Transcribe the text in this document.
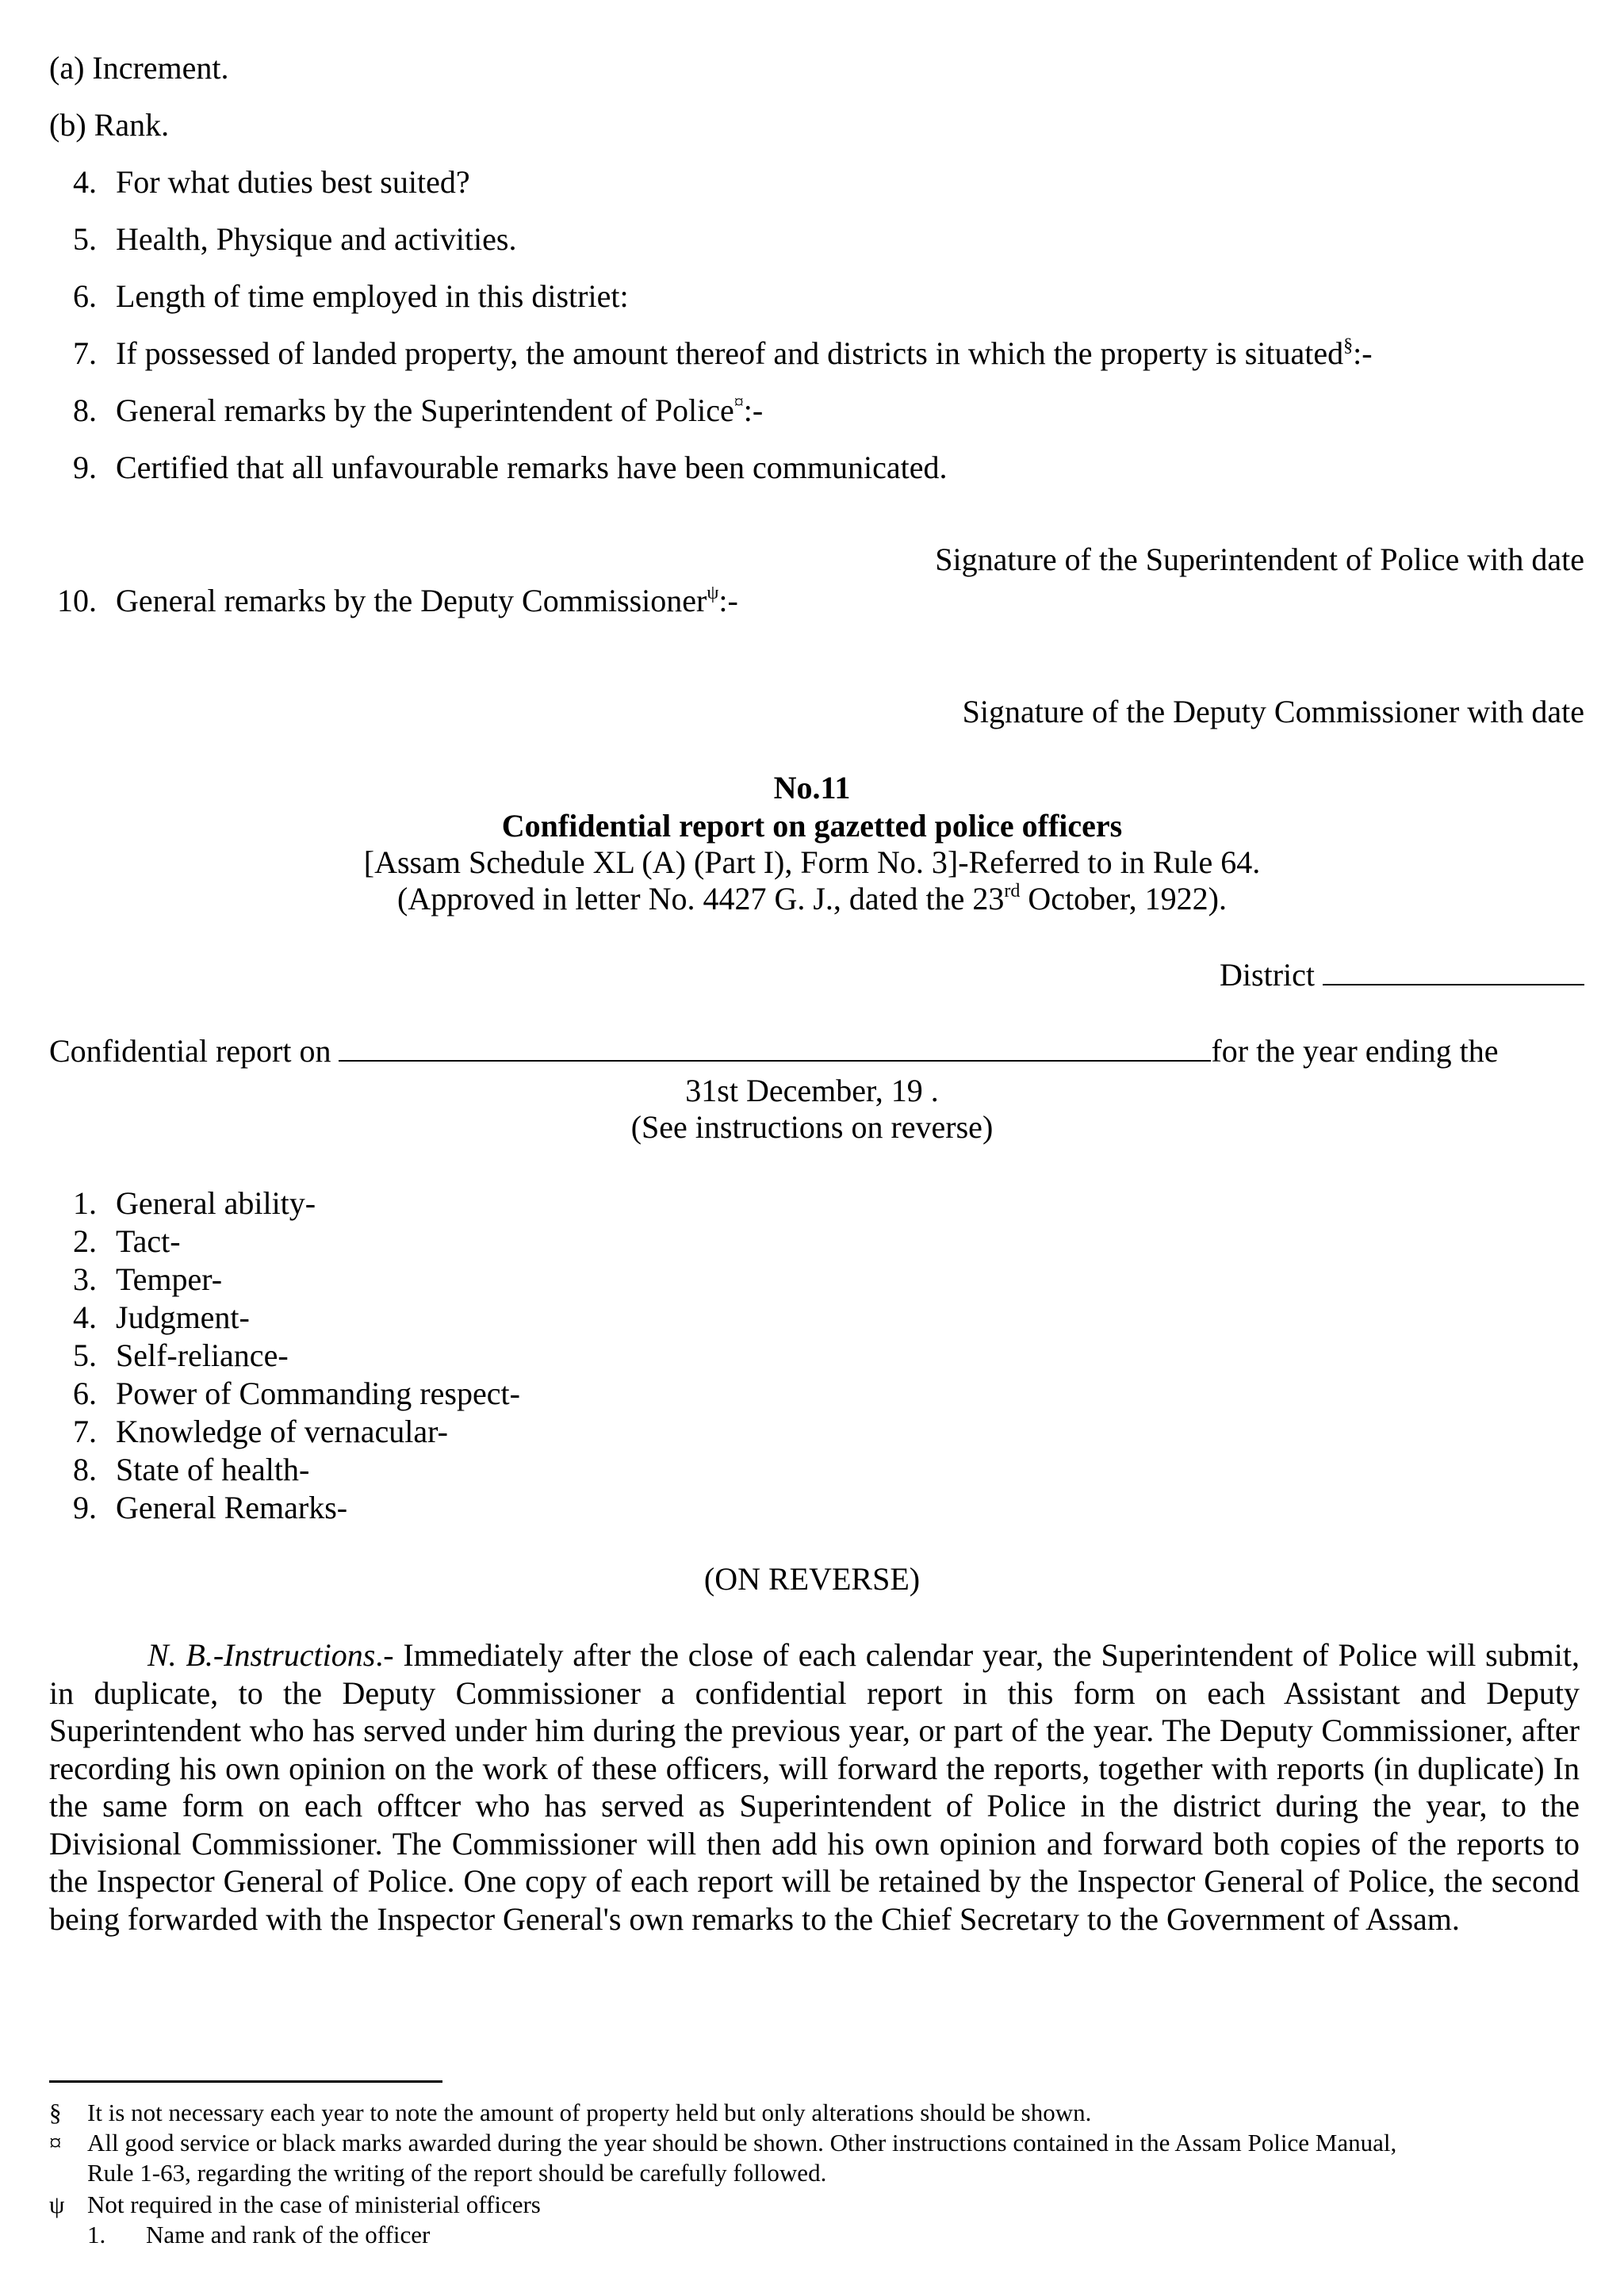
(a) Increment.
(b) Rank.
4. For what duties best suited?
5. Health, Physique and activities.
6. Length of time employed in this distriet:
7. If possessed of landed property, the amount thereof and districts in which the property is situated§:-
8. General remarks by the Superintendent of Police¤:-
9. Certified that all unfavourable remarks have been communicated.
Signature of the Superintendent of Police with date
10. General remarks by the Deputy Commissioner$^\psi$:-
Signature of the Deputy Commissioner with date
No.11
Confidential report on gazetted police officers
[Assam Schedule XL (A) (Part I), Form No. 3]-Referred to in Rule 64.
(Approved in letter No. 4427 G. J., dated the 23rd October, 1922).
District
Confidential report on	for the year ending the
31st December, 19 .
(See instructions on reverse)
1. General ability-
2. Tact-
3. Temper-
4. Judgment-
5. Self-reliance-
6. Power of Commanding respect-
7. Knowledge of vernacular-
8. State of health-
9. General Remarks-
(ON REVERSE)
N. B.-Instructions.- Immediately after the close of each calendar year, the Superintendent of Police will submit, in duplicate, to the Deputy Commissioner a confidential report in this form on each Assistant and Deputy Superintendent who has served under him during the previous year, or part of the year. The Deputy Commissioner, after recording his own opinion on the work of these officers, will forward the reports, together with reports (in duplicate) In the same form on each offtcer who has served as Superintendent of Police in the district during the year, to the Divisional Commissioner. The Commissioner will then add his own opinion and forward both copies of the reports to the Inspector General of Police. One copy of each report will be retained by the Inspector General of Police, the second being forwarded with the Inspector General's own remarks to the Chief Secretary to the Government of Assam.
§ It is not necessary each year to note the amount of property held but only alterations should be shown.
¤ All good service or black marks awarded during the year should be shown. Other instructions contained in the Assam Police Manual,
Rule 1-63, regarding the writing of the report should be carefully followed.
ψ Not required in the case of ministerial officers
1. Name and rank of the officer
